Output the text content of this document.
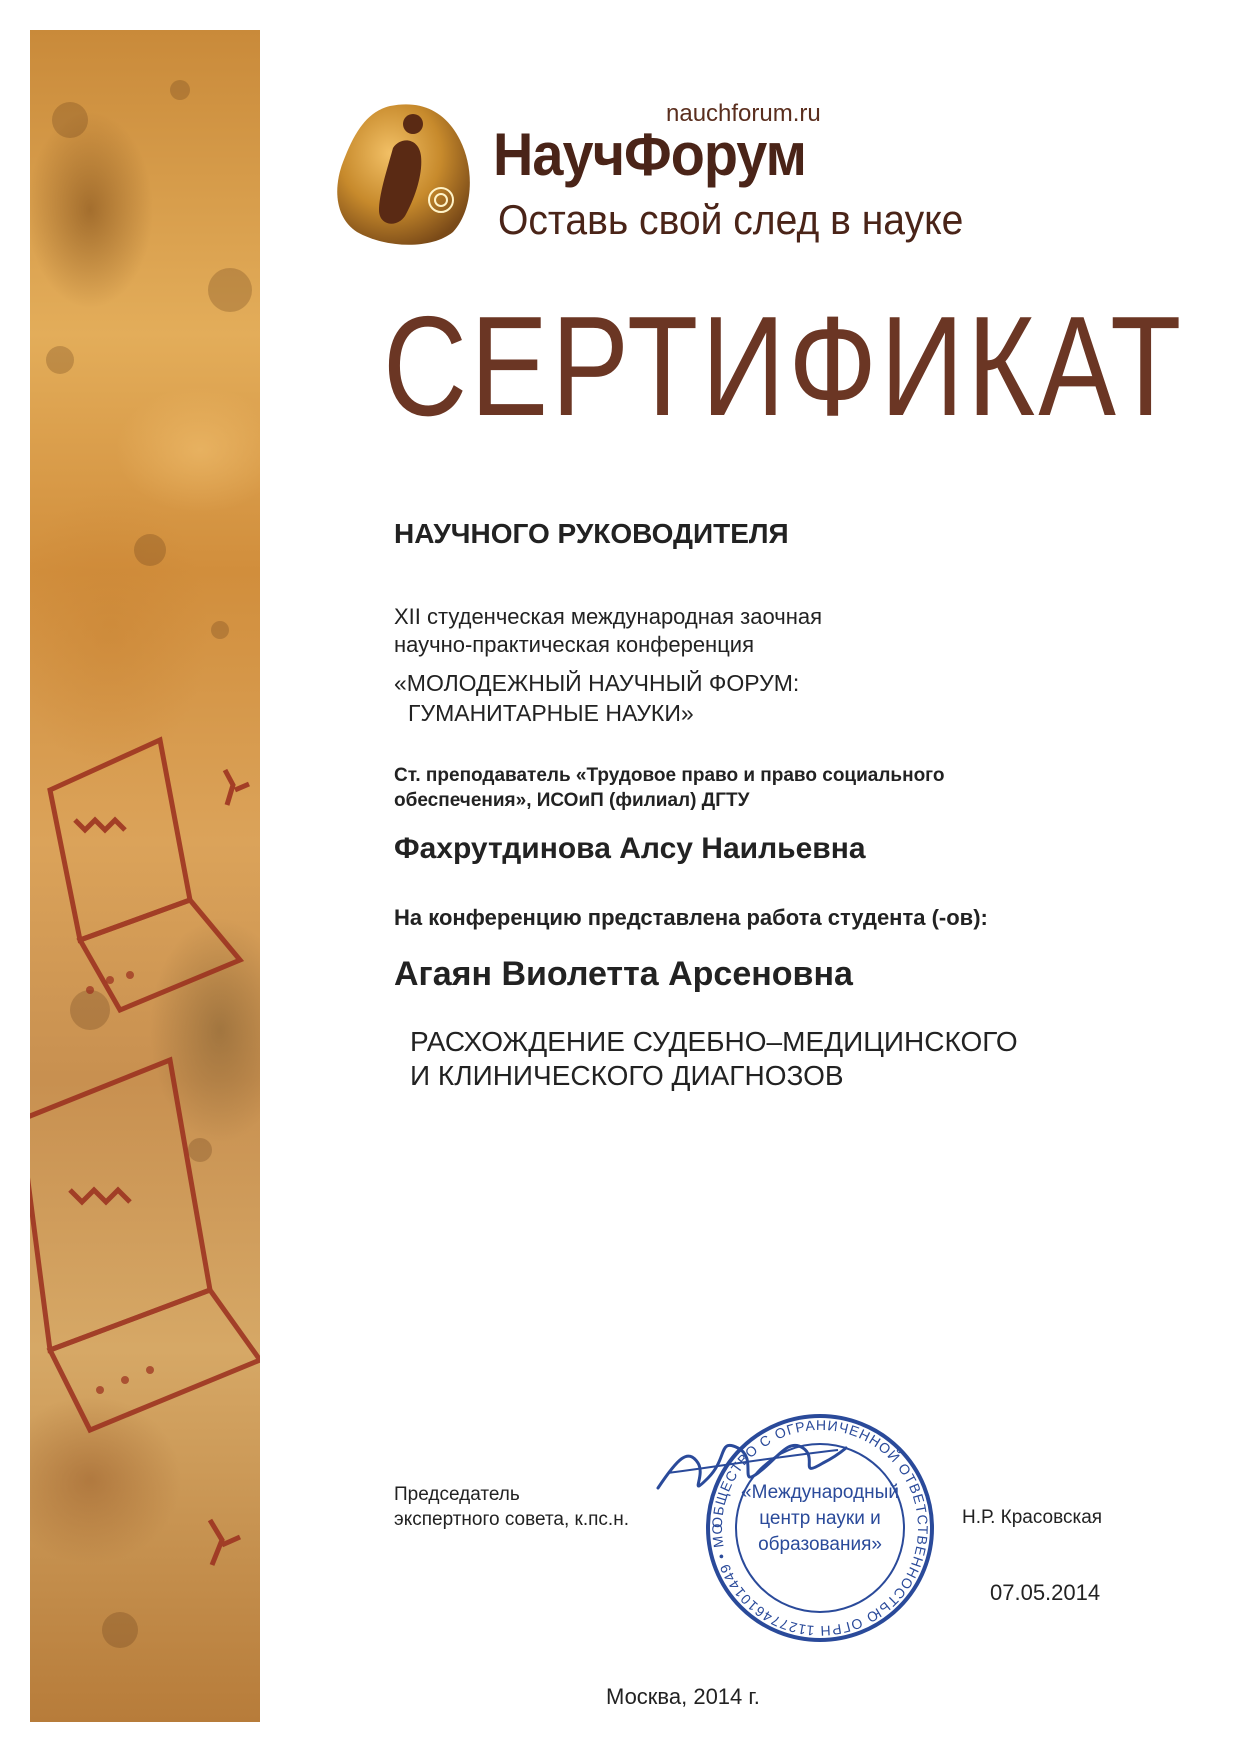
nauchforum.ru
НаучФорум
Оставь свой след в науке
СЕРТИФИКАТ
НАУЧНОГО РУКОВОДИТЕЛЯ
XII студенческая международная заочная
научно-практическая конференция
«МОЛОДЕЖНЫЙ НАУЧНЫЙ ФОРУМ:
ГУМАНИТАРНЫЕ НАУКИ»
Ст. преподаватель «Трудовое право и право социального
обеспечения», ИСОиП (филиал) ДГТУ
Фахрутдинова Алсу Наильевна
На конференцию представлена работа студента (-ов):
Агаян Виолетта Арсеновна
РАСХОЖДЕНИЕ СУДЕБНО–МЕДИЦИНСКОГО
И КЛИНИЧЕСКОГО ДИАГНОЗОВ
Председатель
экспертного совета, к.пс.н.	ОБЩЕСТВО С ОГРАНИЧЕННОЙ ОТВЕТСТВЕННОСТЬЮ ОГРН 1127746101449 • МО
«Международный
центр науки и
образования»
Н.Р. Красовская
07.05.2014
Москва, 2014 г.
